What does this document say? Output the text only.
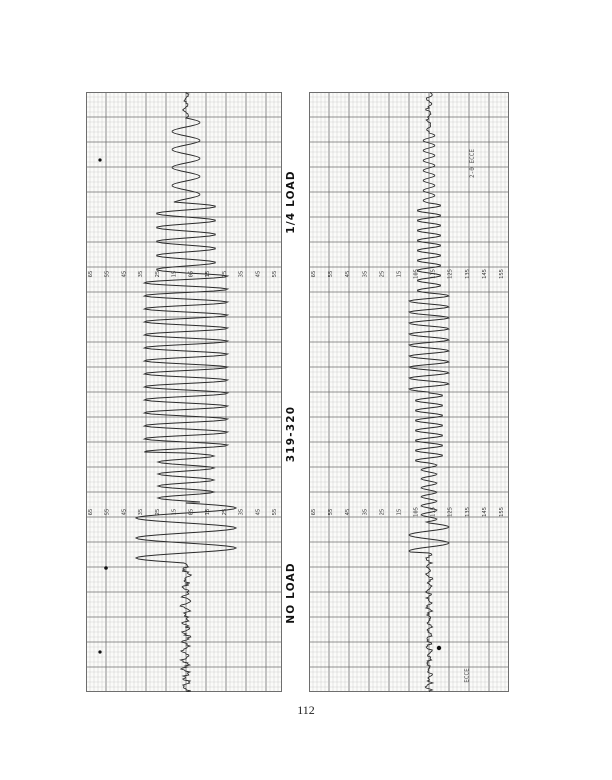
65 55 45 35 25 15 05 15 25 35 45 55
65 55 45 35 25 15 05 15 25 35 45 55
65 55 45 35 25 15 105 115 125 135 145 155
65 55 45 35 25 15 105 115 125 135 145 155
1/4 LOAD
319-320
NO LOAD
2-0 ECCE
ECCE
112
